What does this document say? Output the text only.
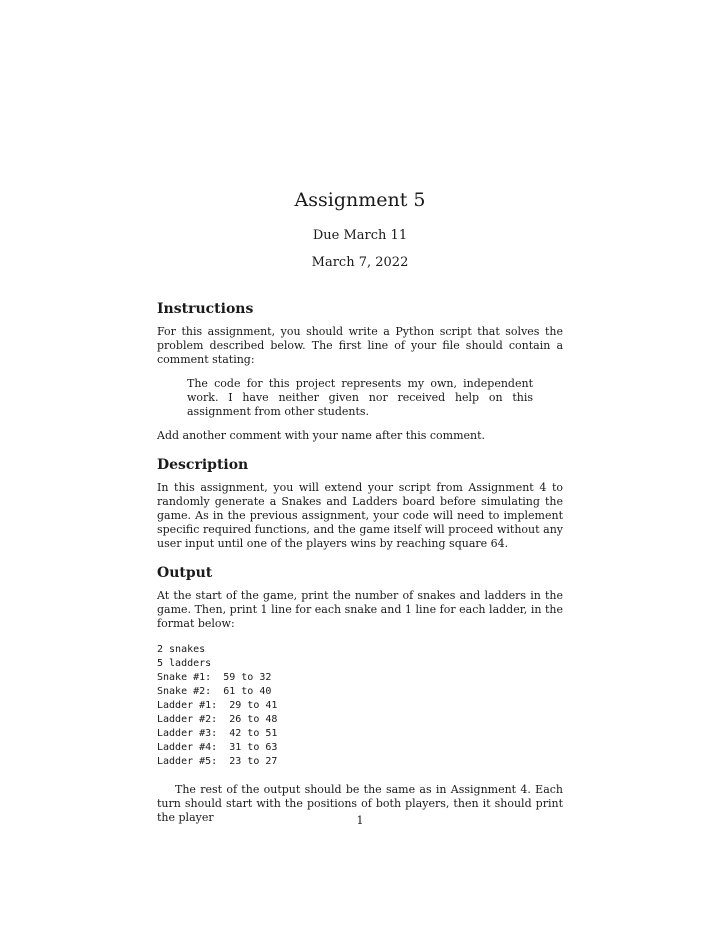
Assignment 5
Due March 11
March 7, 2022
Instructions

For this assignment, you should write a Python script that solves the problem described below. The first line of your file should contain a comment stating:

The code for this project represents my own, independent work. I have neither given nor received help on this assignment from other students.

Add another comment with your name after this comment.

Description

In this assignment, you will extend your script from Assignment 4 to randomly generate a Snakes and Ladders board before simulating the game. As in the previous assignment, your code will need to implement specific required functions, and the game itself will proceed without any user input until one of the players wins by reaching square 64.

Output

At the start of the game, print the number of snakes and ladders in the game. Then, print 1 line for each snake and 1 line for each ladder, in the format below:

2 snakes
5 ladders
Snake #1:  59 to 32
Snake #2:  61 to 40
Ladder #1:  29 to 41
Ladder #2:  26 to 48
Ladder #3:  42 to 51
Ladder #4:  31 to 63
Ladder #5:  23 to 27

The rest of the output should be the same as in Assignment 4. Each turn should start with the positions of both players, then it should print the player	1
